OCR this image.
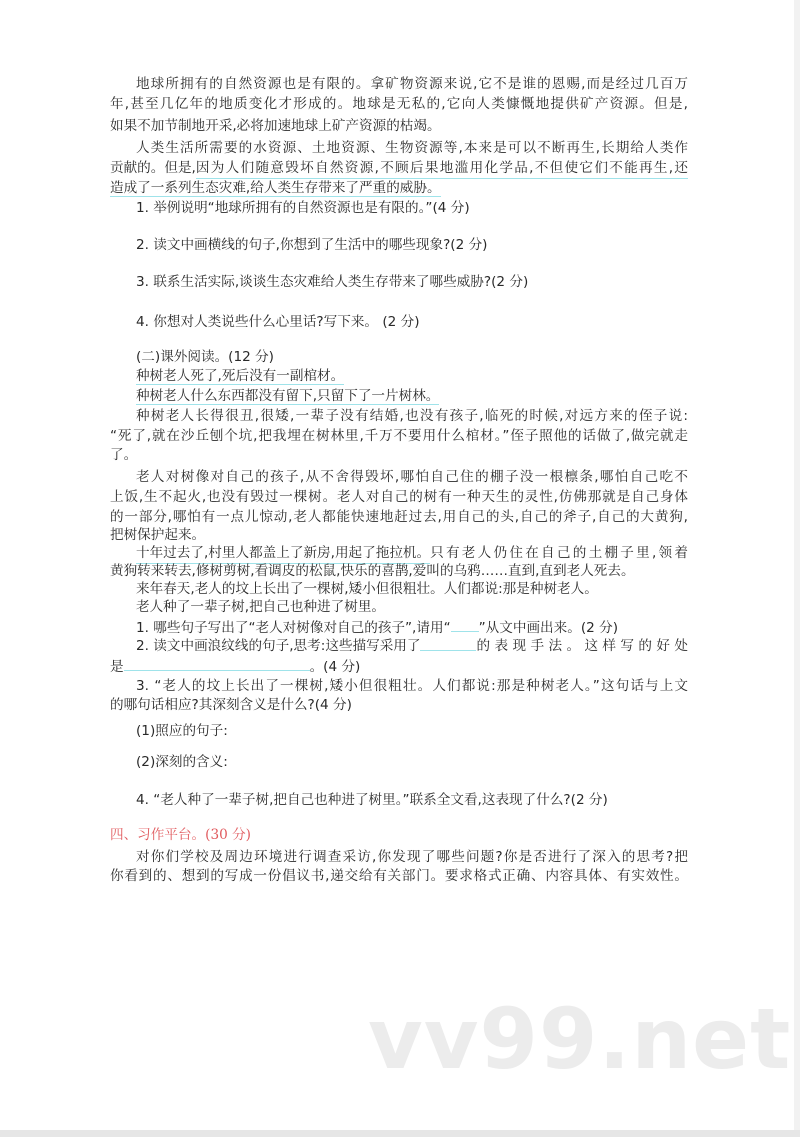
地球所拥有的自然资源也是有限的。拿矿物资源来说,它不是谁的恩赐,而是经过几百万
年,甚至几亿年的地质变化才形成的。地球是无私的,它向人类慷慨地提供矿产资源。但是,
如果不加节制地开采,必将加速地球上矿产资源的枯竭。
人类生活所需要的水资源、土地资源、生物资源等,本来是可以不断再生,长期给人类作
贡献的。但是, 因为人们随意毁坏自然资源,不顾后果地滥用化学品,不但使它们不能再生,还
造成了一系列生态灾难,给人类生存带来了严重的威胁。
1. 举例说明“地球所拥有的自然资源也是有限的。”(4 分)
2. 读文中画横线的句子,你想到了生活中的哪些现象?(2 分)
3. 联系生活实际,谈谈生态灾难给人类生存带来了哪些威胁?(2 分)
4. 你想对人类说些什么心里话?写下来。 (2 分)
(二)课外阅读。(12 分)
种树老人死了,死后没有一副棺材。
种树老人什么东西都没有留下,只留下了一片树林。
种树老人长得很丑,很矮,一辈子没有结婚,也没有孩子,临死的时候,对远方来的侄子说:
“死了,就在沙丘刨个坑,把我埋在树林里,千万不要用什么棺材。”侄子照他的话做了,做完就走
了。
老人对树像对自己的孩子,从不舍得毁坏,哪怕自己住的棚子没一根檩条,哪怕自己吃不
上饭,生不起火,也没有毁过一棵树。老人对自己的树有一种天生的灵性,仿佛那就是自己身体
的一部分,哪怕有一点儿惊动,老人都能快速地赶过去,用自己的头,自己的斧子,自己的大黄狗,
把树保护起来。
十年过去了,村里人都盖上了新房,用起了拖拉机。 只有老人仍住在自己的土棚子里,领着
黄狗转来转去,修树剪树,看调皮的松鼠,快乐的喜鹊,爱叫的乌鸦……直到,直到老人死去。
来年春天,老人的坟上长出了一棵树,矮小但很粗壮。人们都说:那是种树老人。
老人种了一辈子树,把自己也种进了树里。
1. 哪些句子写出了“老人对树像对自己的孩子”,请用“ ”从文中画出来。(2 分)
2. 读文中画浪纹线的句子,思考:这些描写采用了	的表现手法。这样写的好处
是	。(4 分)
3. “老人的坟上长出了一棵树,矮小但很粗壮。人们都说:那是种树老人。”这句话与上文
的哪句话相应?其深刻含义是什么?(4 分)
(1)照应的句子:
(2)深刻的含义:
4. “老人种了一辈子树,把自己也种进了树里。”联系全文看,这表现了什么?(2 分)
四、习作平台。(30 分)
对你们学校及周边环境进行调查采访,你发现了哪些问题?你是否进行了深入的思考?把
你看到的、想到的写成一份倡议书,递交给有关部门。要求格式正确、内容具体、有实效性。
vv99.net
